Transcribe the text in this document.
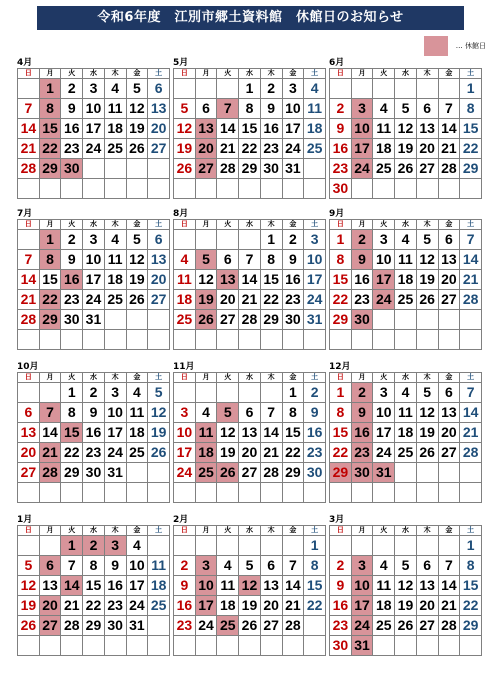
令和6年度　江別市郷土資料館　休館日のお知らせ
… 休館日
4月
日	月	火	水	木	金	土
	1	2	3	4	5	6
7	8	9	10	11	12	13
14	15	16	17	18	19	20
21	22	23	24	25	26	27
28	29	30				

5月
日	月	火	水	木	金	土
			1	2	3	4
5	6	7	8	9	10	11
12	13	14	15	16	17	18
19	20	21	22	23	24	25
26	27	28	29	30	31	

6月
日	月	火	水	木	金	土
						1
2	3	4	5	6	7	8
9	10	11	12	13	14	15
16	17	18	19	20	21	22
23	24	25	26	27	28	29
30						
7月
日	月	火	水	木	金	土
	1	2	3	4	5	6
7	8	9	10	11	12	13
14	15	16	17	18	19	20
21	22	23	24	25	26	27
28	29	30	31			

8月
日	月	火	水	木	金	土
				1	2	3
4	5	6	7	8	9	10
11	12	13	14	15	16	17
18	19	20	21	22	23	24
25	26	27	28	29	30	31

9月
日	月	火	水	木	金	土
1	2	3	4	5	6	7
8	9	10	11	12	13	14
15	16	17	18	19	20	21
22	23	24	25	26	27	28
29	30					

10月
日	月	火	水	木	金	土
		1	2	3	4	5
6	7	8	9	10	11	12
13	14	15	16	17	18	19
20	21	22	23	24	25	26
27	28	29	30	31		

11月
日	月	火	水	木	金	土
					1	2
3	4	5	6	7	8	9
10	11	12	13	14	15	16
17	18	19	20	21	22	23
24	25	26	27	28	29	30

12月
日	月	火	水	木	金	土
1	2	3	4	5	6	7
8	9	10	11	12	13	14
15	16	17	18	19	20	21
22	23	24	25	26	27	28
29	30	31				

1月
日	月	火	水	木	金	土
		1	2	3	4	
5	6	7	8	9	10	11
12	13	14	15	16	17	18
19	20	21	22	23	24	25
26	27	28	29	30	31	

2月
日	月	火	水	木	金	土
						1
2	3	4	5	6	7	8
9	10	11	12	13	14	15
16	17	18	19	20	21	22
23	24	25	26	27	28	

3月
日	月	火	水	木	金	土
						1
2	3	4	5	6	7	8
9	10	11	12	13	14	15
16	17	18	19	20	21	22
23	24	25	26	27	28	29
30	31					
